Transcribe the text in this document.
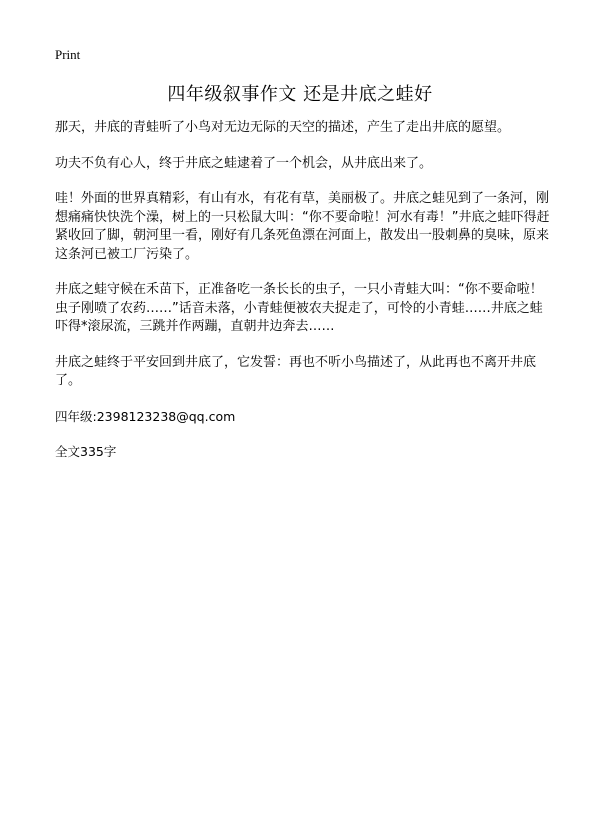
Print
四年级叙事作文 还是井底之蛙好

那天，井底的青蛙听了小鸟对无边无际的天空的描述，产生了走出井底的愿望。

功夫不负有心人，终于井底之蛙逮着了一个机会，从井底出来了。

哇！外面的世界真精彩，有山有水，有花有草，美丽极了。井底之蛙见到了一条河，刚想痛痛快快洗个澡，树上的一只松鼠大叫：“你不要命啦！河水有毒！”井底之蛙吓得赶紧收回了脚，朝河里一看，刚好有几条死鱼漂在河面上，散发出一股刺鼻的臭味，原来这条河已被工厂污染了。

井底之蛙守候在禾苗下，正准备吃一条长长的虫子，一只小青蛙大叫：“你不要命啦！虫子刚喷了农药……”话音未落，小青蛙便被农夫捉走了，可怜的小青蛙……井底之蛙吓得*滚尿流，三跳并作两蹦，直朝井边奔去……

井底之蛙终于平安回到井底了，它发誓：再也不听小鸟描述了，从此再也不离开井底了。

四年级:2398123238@qq.com

全文335字
